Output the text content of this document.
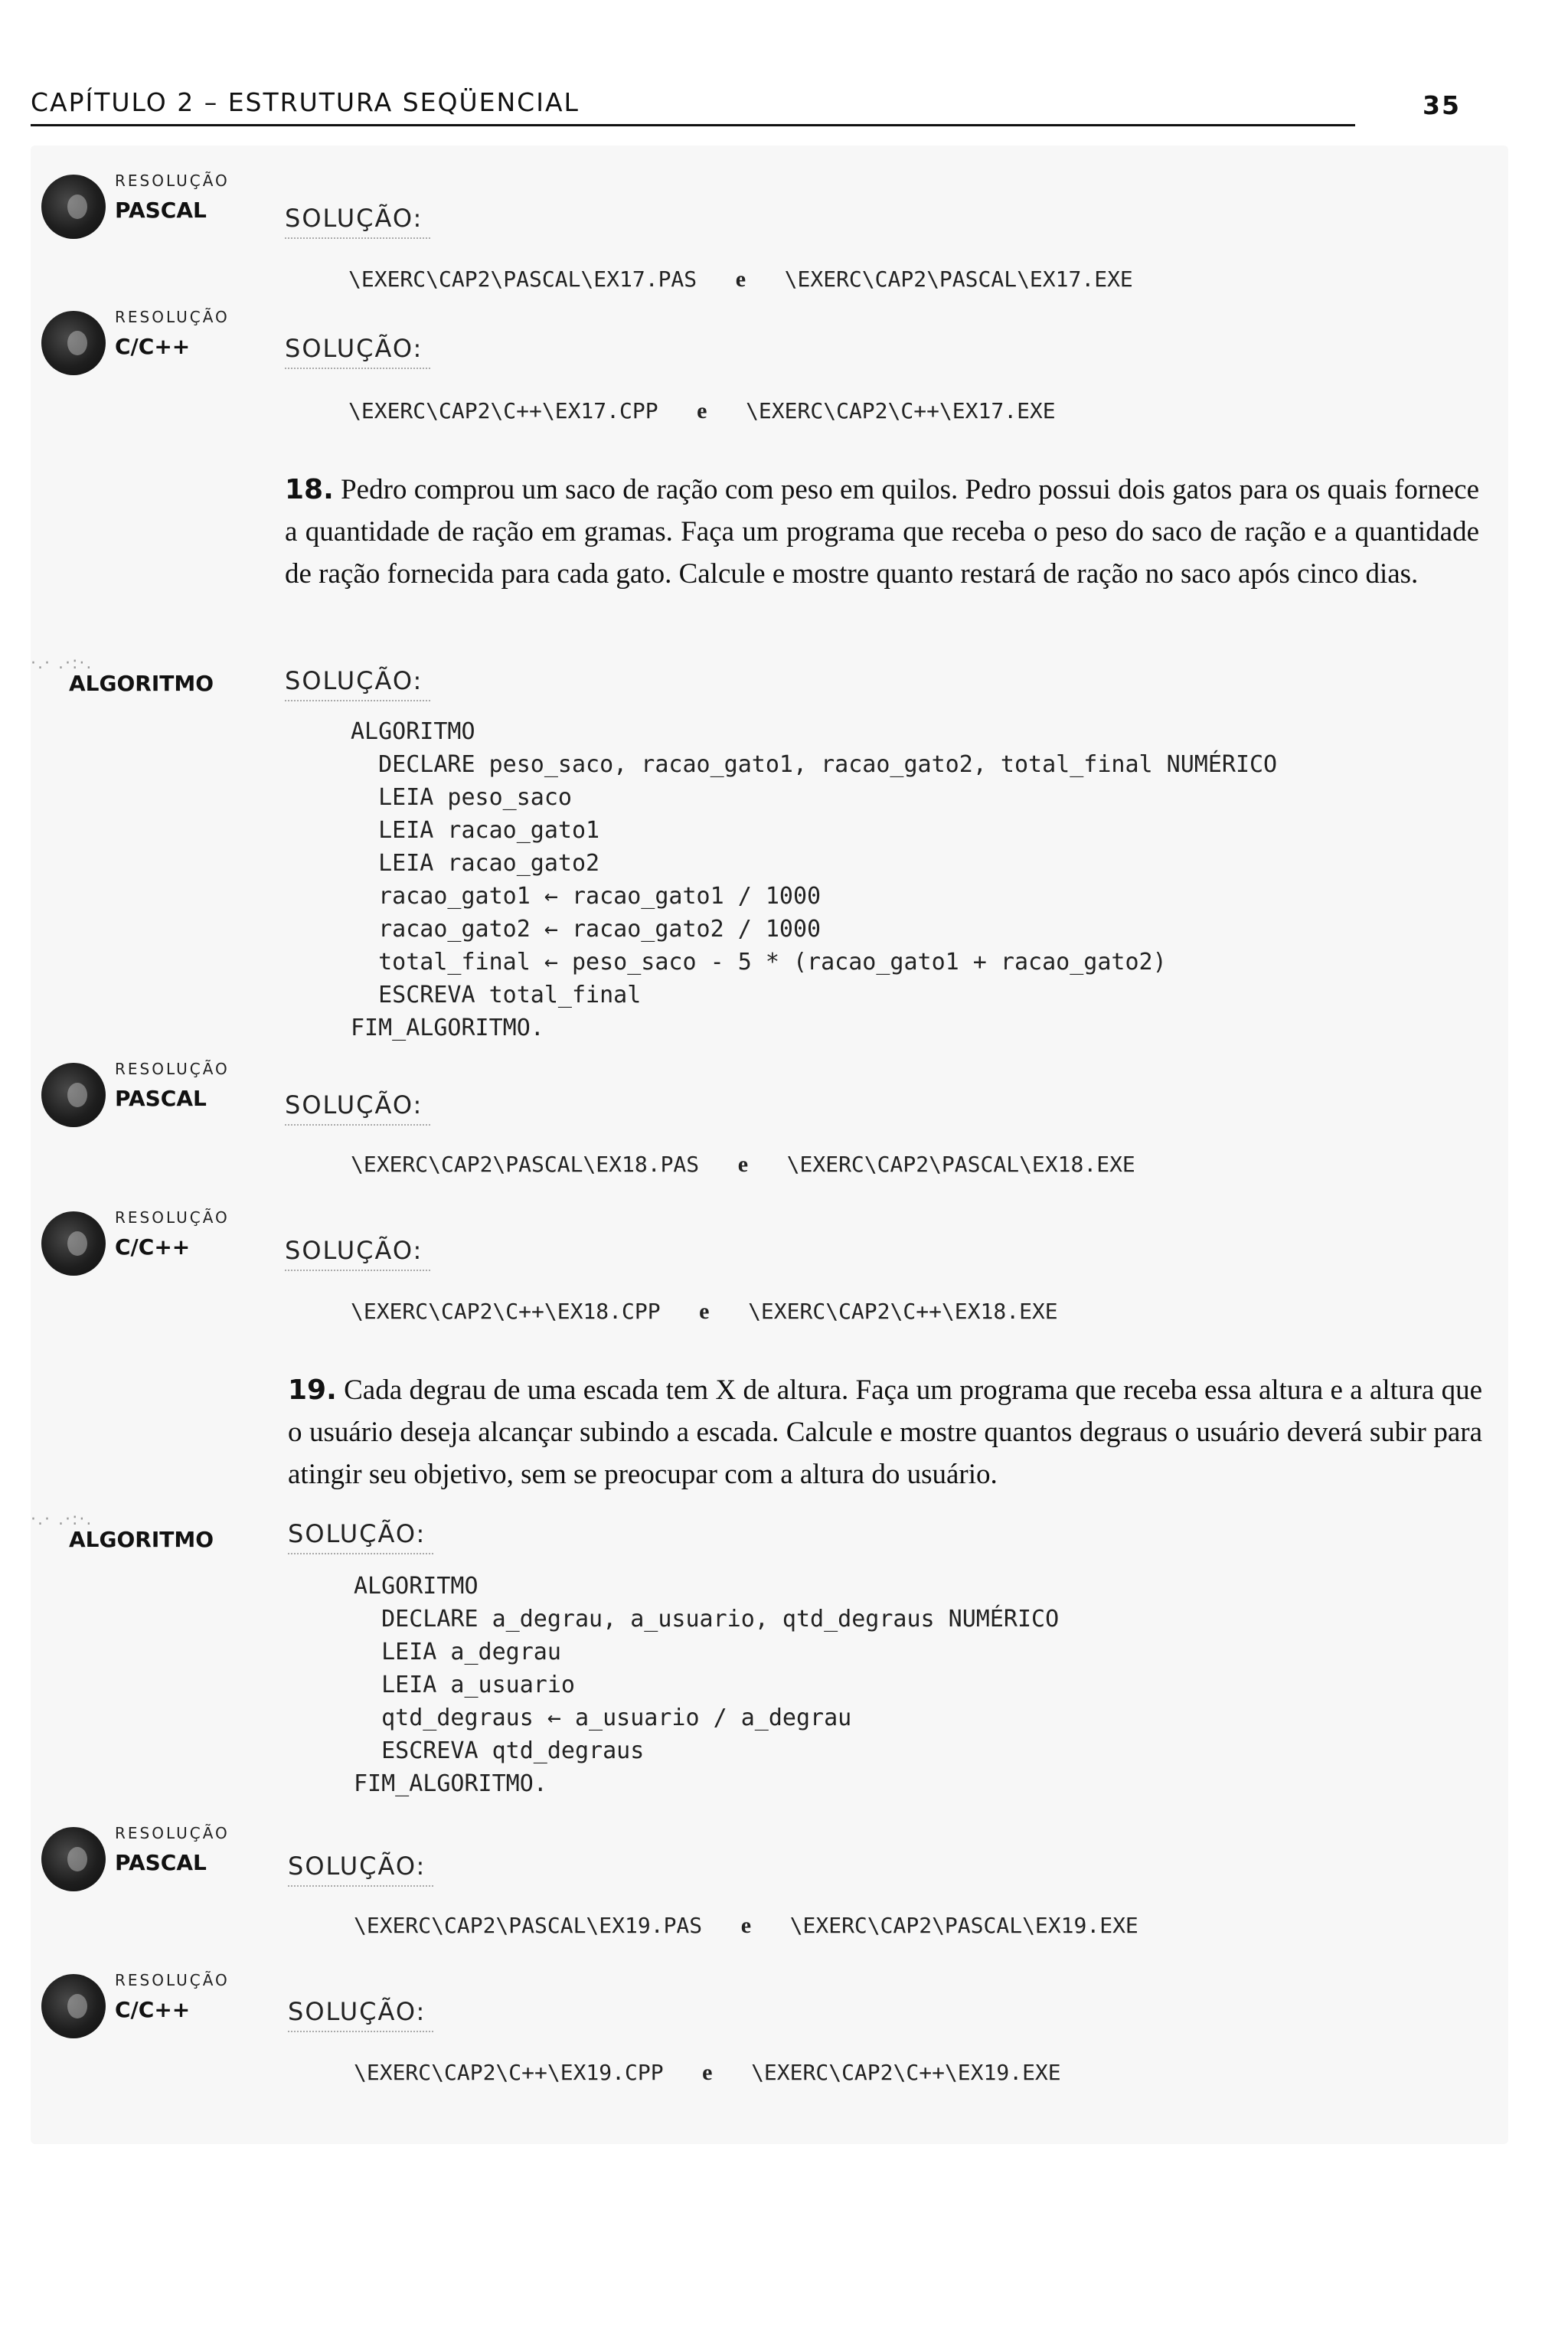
CAPÍTULO 2 – ESTRUTURA SEQÜENCIAL	35
RESOLUÇÃO
PASCAL	SOLUÇÃO:
\EXERC\CAP2\PASCAL\EX17.PAS e \EXERC\CAP2\PASCAL\EX17.EXE
RESOLUÇÃO
C/C++	SOLUÇÃO:
\EXERC\CAP2\C++\EX17.CPP e \EXERC\CAP2\C++\EX17.EXE
18. Pedro comprou um saco de ração com peso em quilos. Pedro possui dois gatos para os quais fornece a quantidade de ração em gramas. Faça um programa que receba o peso do saco de ração e a quantidade de ração fornecida para cada gato. Calcule e mostre quanto restará de ração no saco após cinco dias.
·.· .·:·.
ALGORITMO	SOLUÇÃO:
ALGORITMO
DECLARE peso_saco, racao_gato1, racao_gato2, total_final NUMÉRICO
LEIA peso_saco
LEIA racao_gato1
LEIA racao_gato2
racao_gato1 ← racao_gato1 / 1000
racao_gato2 ← racao_gato2 / 1000
total_final ← peso_saco - 5 * (racao_gato1 + racao_gato2)
ESCREVA total_final
FIM_ALGORITMO.
RESOLUÇÃO
PASCAL	SOLUÇÃO:
\EXERC\CAP2\PASCAL\EX18.PAS e \EXERC\CAP2\PASCAL\EX18.EXE
RESOLUÇÃO
C/C++	SOLUÇÃO:
\EXERC\CAP2\C++\EX18.CPP e \EXERC\CAP2\C++\EX18.EXE
19. Cada degrau de uma escada tem X de altura. Faça um programa que receba essa altura e a altura que o usuário deseja alcançar subindo a escada. Calcule e mostre quantos degraus o usuário deverá subir para atingir seu objetivo, sem se preocupar com a altura do usuário.
·.· .·:·.
ALGORITMO	SOLUÇÃO:
ALGORITMO
DECLARE a_degrau, a_usuario, qtd_degraus NUMÉRICO
LEIA a_degrau
LEIA a_usuario
qtd_degraus ← a_usuario / a_degrau
ESCREVA qtd_degraus
FIM_ALGORITMO.
RESOLUÇÃO
PASCAL	SOLUÇÃO:
\EXERC\CAP2\PASCAL\EX19.PAS e \EXERC\CAP2\PASCAL\EX19.EXE
RESOLUÇÃO
C/C++	SOLUÇÃO:
\EXERC\CAP2\C++\EX19.CPP e \EXERC\CAP2\C++\EX19.EXE
